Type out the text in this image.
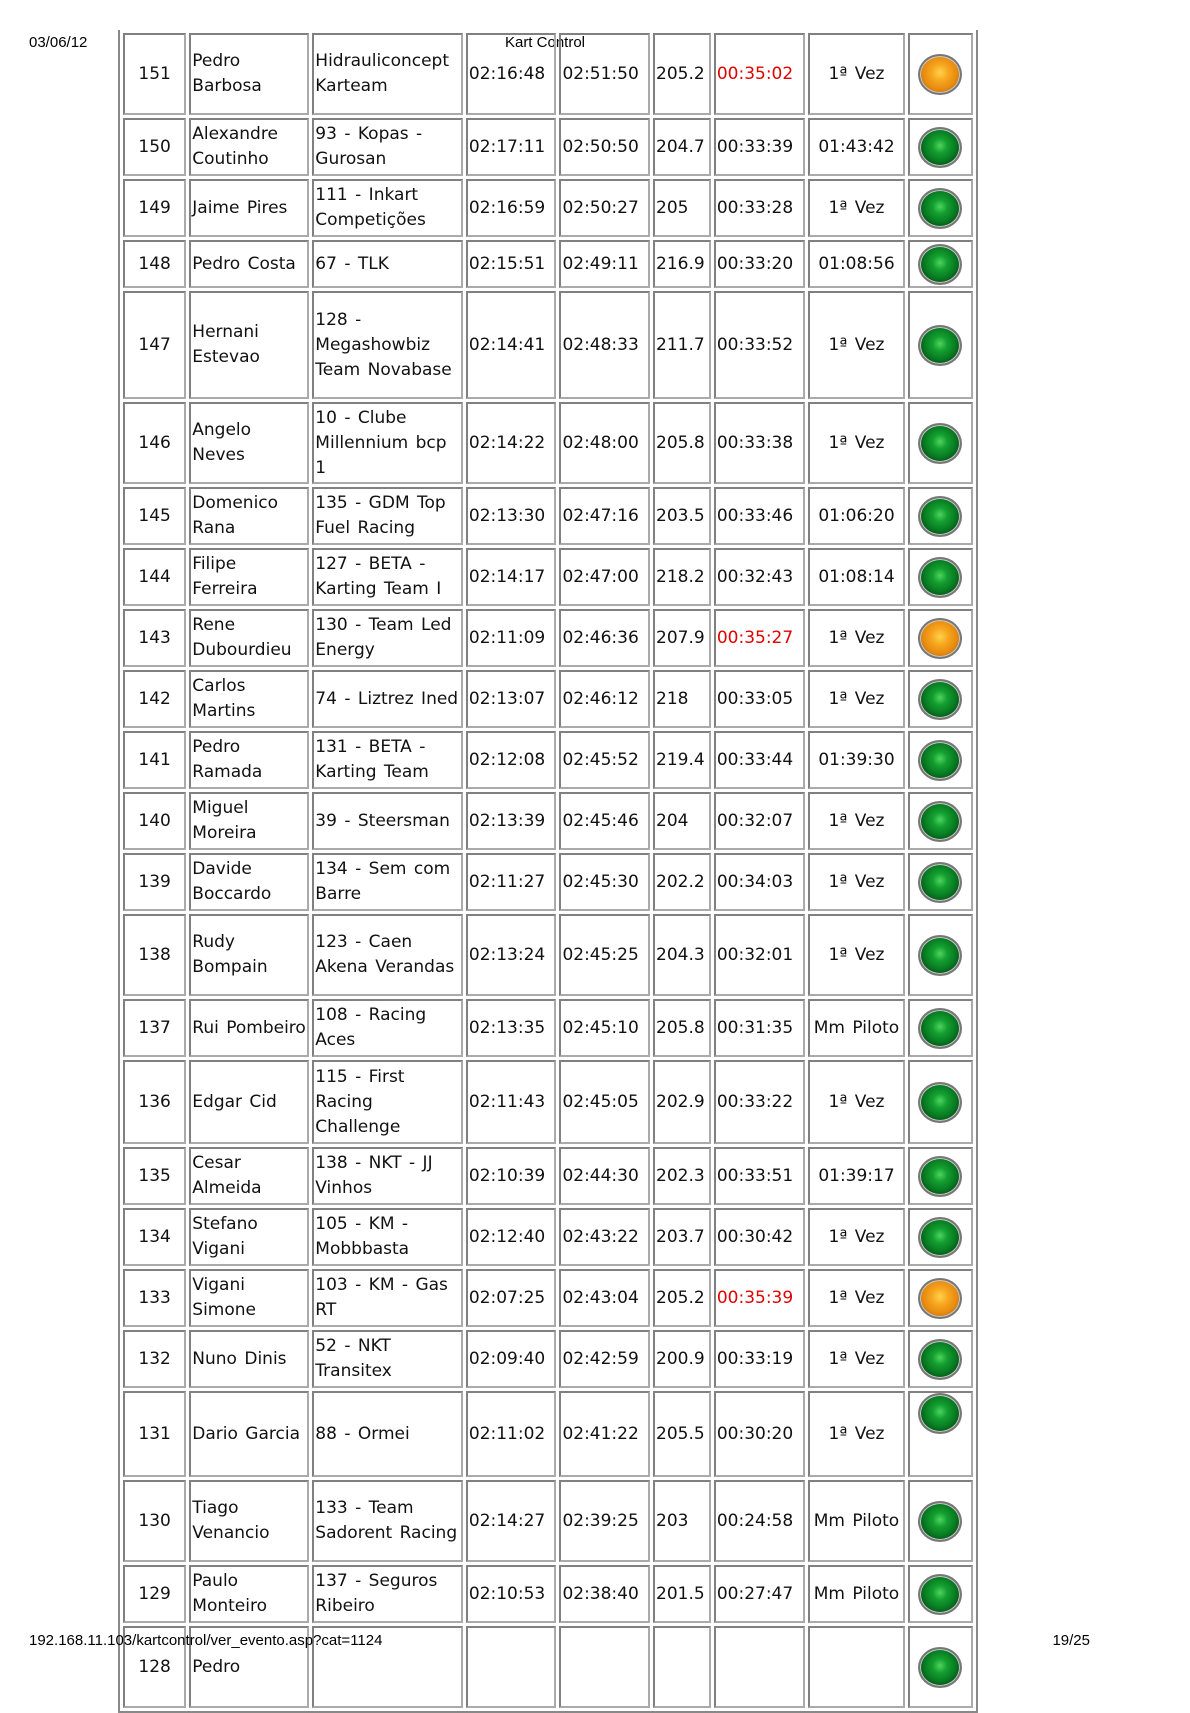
03/06/12	Kart Control
151	Pedro Barbosa	Hidrauliconcept Karteam	02:16:48	02:51:50	205.2	00:35:02	1ª Vez	
150	Alexandre Coutinho	93 - Kopas - Gurosan	02:17:11	02:50:50	204.7	00:33:39	01:43:42	
149	Jaime Pires	111 - Inkart Competições	02:16:59	02:50:27	205	00:33:28	1ª Vez	
148	Pedro Costa	67 - TLK	02:15:51	02:49:11	216.9	00:33:20	01:08:56	
147	Hernani Estevao	128 - Megashowbiz Team Novabase	02:14:41	02:48:33	211.7	00:33:52	1ª Vez	
146	Angelo Neves	10 - Clube Millennium bcp 1	02:14:22	02:48:00	205.8	00:33:38	1ª Vez	
145	Domenico Rana	135 - GDM Top Fuel Racing	02:13:30	02:47:16	203.5	00:33:46	01:06:20	
144	Filipe Ferreira	127 - BETA - Karting Team I	02:14:17	02:47:00	218.2	00:32:43	01:08:14	
143	Rene Dubourdieu	130 - Team Led Energy	02:11:09	02:46:36	207.9	00:35:27	1ª Vez	
142	Carlos Martins	74 - Liztrez Ined	02:13:07	02:46:12	218	00:33:05	1ª Vez	
141	Pedro Ramada	131 - BETA - Karting Team	02:12:08	02:45:52	219.4	00:33:44	01:39:30	
140	Miguel Moreira	39 - Steersman	02:13:39	02:45:46	204	00:32:07	1ª Vez	
139	Davide Boccardo	134 - Sem com Barre	02:11:27	02:45:30	202.2	00:34:03	1ª Vez	
138	Rudy Bompain	123 - Caen Akena Verandas	02:13:24	02:45:25	204.3	00:32:01	1ª Vez	
137	Rui Pombeiro	108 - Racing Aces	02:13:35	02:45:10	205.8	00:31:35	Mm Piloto	
136	Edgar Cid	115 - First Racing Challenge	02:11:43	02:45:05	202.9	00:33:22	1ª Vez	
135	Cesar Almeida	138 - NKT - JJ Vinhos	02:10:39	02:44:30	202.3	00:33:51	01:39:17	
134	Stefano Vigani	105 - KM - Mobbbasta	02:12:40	02:43:22	203.7	00:30:42	1ª Vez	
133	Vigani Simone	103 - KM - Gas RT	02:07:25	02:43:04	205.2	00:35:39	1ª Vez	
132	Nuno Dinis	52 - NKT Transitex	02:09:40	02:42:59	200.9	00:33:19	1ª Vez	
131	Dario Garcia	88 - Ormei	02:11:02	02:41:22	205.5	00:30:20	1ª Vez	
130	Tiago Venancio	133 - Team Sadorent Racing	02:14:27	02:39:25	203	00:24:58	Mm Piloto	
129	Paulo Monteiro	137 - Seguros Ribeiro	02:10:53	02:38:40	201.5	00:27:47	Mm Piloto	
128	Pedro							
192.168.11.103/kartcontrol/ver_evento.asp?cat=1124	19/25
